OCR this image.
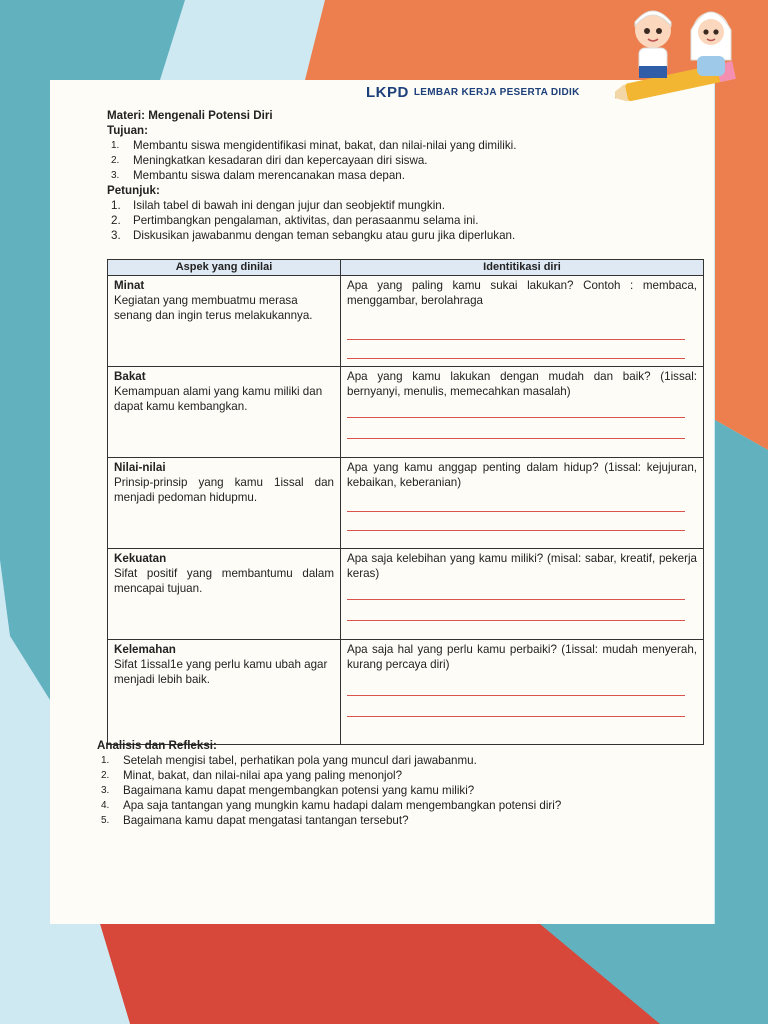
LKPD LEMBAR KERJA PESERTA DIDIK
Materi: Mengenali Potensi Diri
Tujuan:
1.	Membantu siswa mengidentifikasi minat, bakat, dan nilai-nilai yang dimiliki.
2.	Meningkatkan kesadaran diri dan kepercayaan diri siswa.
3.	Membantu siswa dalam merencanakan masa depan.
Petunjuk:
1.	Isilah tabel di bawah ini dengan jujur dan seobjektif mungkin.
2.	Pertimbangkan pengalaman, aktivitas, dan perasaanmu selama ini.
3.	Diskusikan jawabanmu dengan teman sebangku atau guru jika diperlukan.
Aspek yang dinilai	Identitikasi diri

Minat
Kegiatan yang membuatmu merasa senang dan ingin terus melakukannya.	Apa yang paling kamu sukai lakukan? Contoh : membaca, menggambar, berolahraga

Bakat
Kemampuan alami yang kamu miliki dan dapat kamu kembangkan.	Apa yang kamu lakukan dengan mudah dan baik? (1issal: bernyanyi, menulis, memecahkan masalah)

Nilai-nilai
Prinsip-prinsip yang kamu 1issal dan menjadi pedoman hidupmu.	Apa yang kamu anggap penting dalam hidup? (1issal: kejujuran, kebaikan, keberanian)

Kekuatan
Sifat positif yang membantumu dalam mencapai tujuan.	Apa saja kelebihan yang kamu miliki? (misal: sabar, kreatif, pekerja keras)

Kelemahan
Sifat 1issal1e yang perlu kamu ubah agar menjadi lebih baik.	Apa saja hal yang perlu kamu perbaiki? (1issal: mudah menyerah, kurang percaya diri)
Analisis dan Refleksi:
1.	Setelah mengisi tabel, perhatikan pola yang muncul dari jawabanmu.
2.	Minat, bakat, dan nilai-nilai apa yang paling menonjol?
3.	Bagaimana kamu dapat mengembangkan potensi yang kamu miliki?
4.	Apa saja tantangan yang mungkin kamu hadapi dalam mengembangkan potensi diri?
5.	Bagaimana kamu dapat mengatasi tantangan tersebut?
